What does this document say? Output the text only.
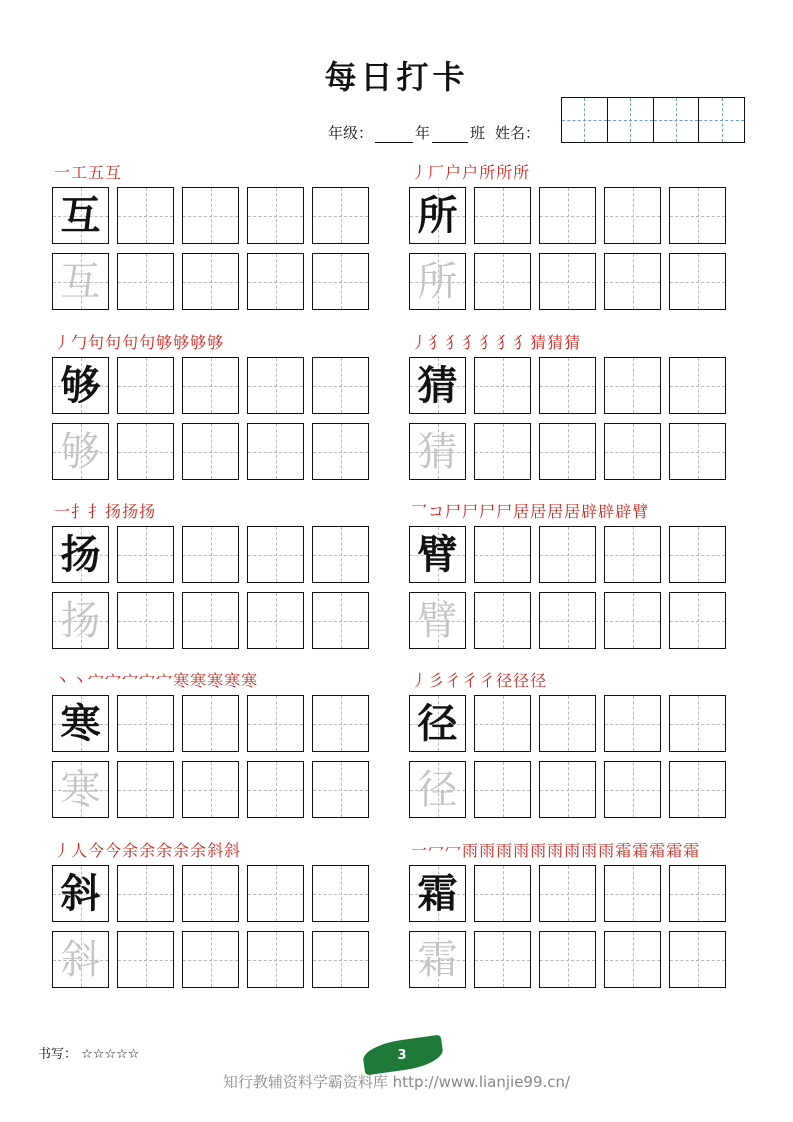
每日打卡
年级：	年	班 姓名：
一工五互
互
互
丿厂户户所所所
所
所
丿勹句句句句够够够够
够
够
丿犭犭犭犭犭犭猜猜猜
猜
猜
一扌扌扬扬扬
扬
扬
乛コ尸尸尸尸居居居居辟辟辟臂
臂
臂
丶丶宀宀宀宀宀寒寒寒寒寒
寒
寒
丿彡彳彳彳径径径
径
径
丿人今今余余余余余斜斜
斜
斜
一冖冖雨雨雨雨雨雨雨雨雨霜霜霜霜霜
霜
霜
书写： ☆☆☆☆☆	3
知行教辅资料学霸资料库 http://www.lianjie99.cn/
